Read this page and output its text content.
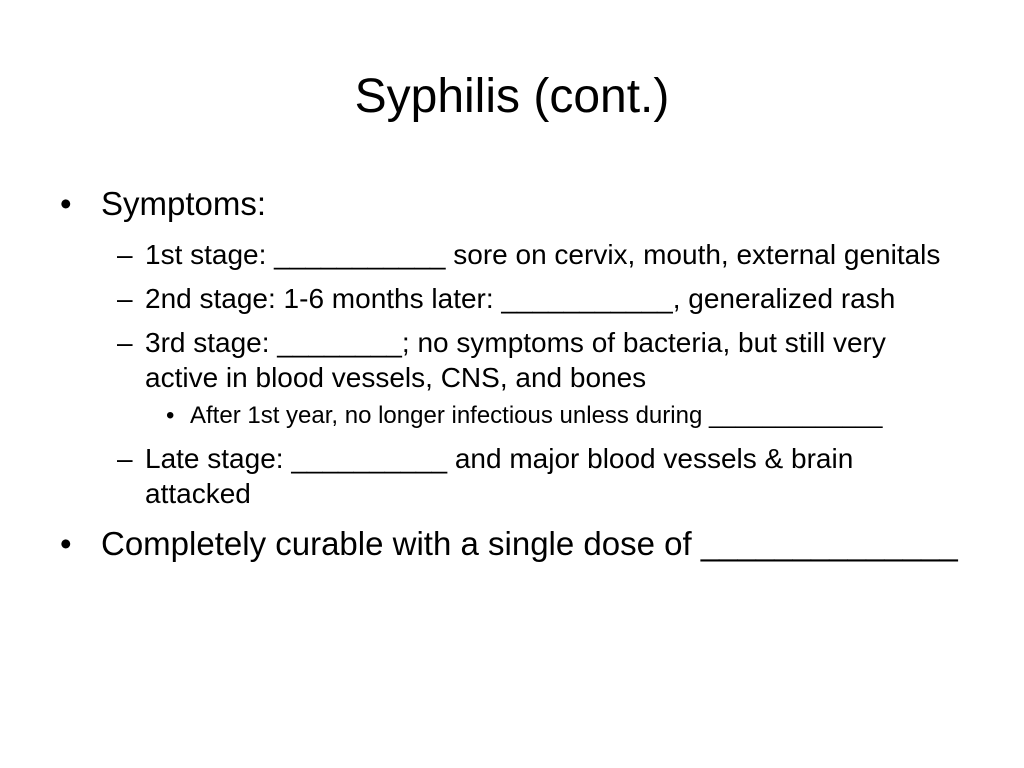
Syphilis (cont.)
• Symptoms:
– 1st stage: ___________ sore on cervix, mouth, external genitals
– 2nd stage: 1-6 months later: ___________, generalized rash
– 3rd stage: ________; no symptoms of bacteria, but still very active in blood vessels, CNS, and bones
• After 1st year, no longer infectious unless during _____________
– Late stage: __________ and major blood vessels & brain attacked
• Completely curable with a single dose of ______________
